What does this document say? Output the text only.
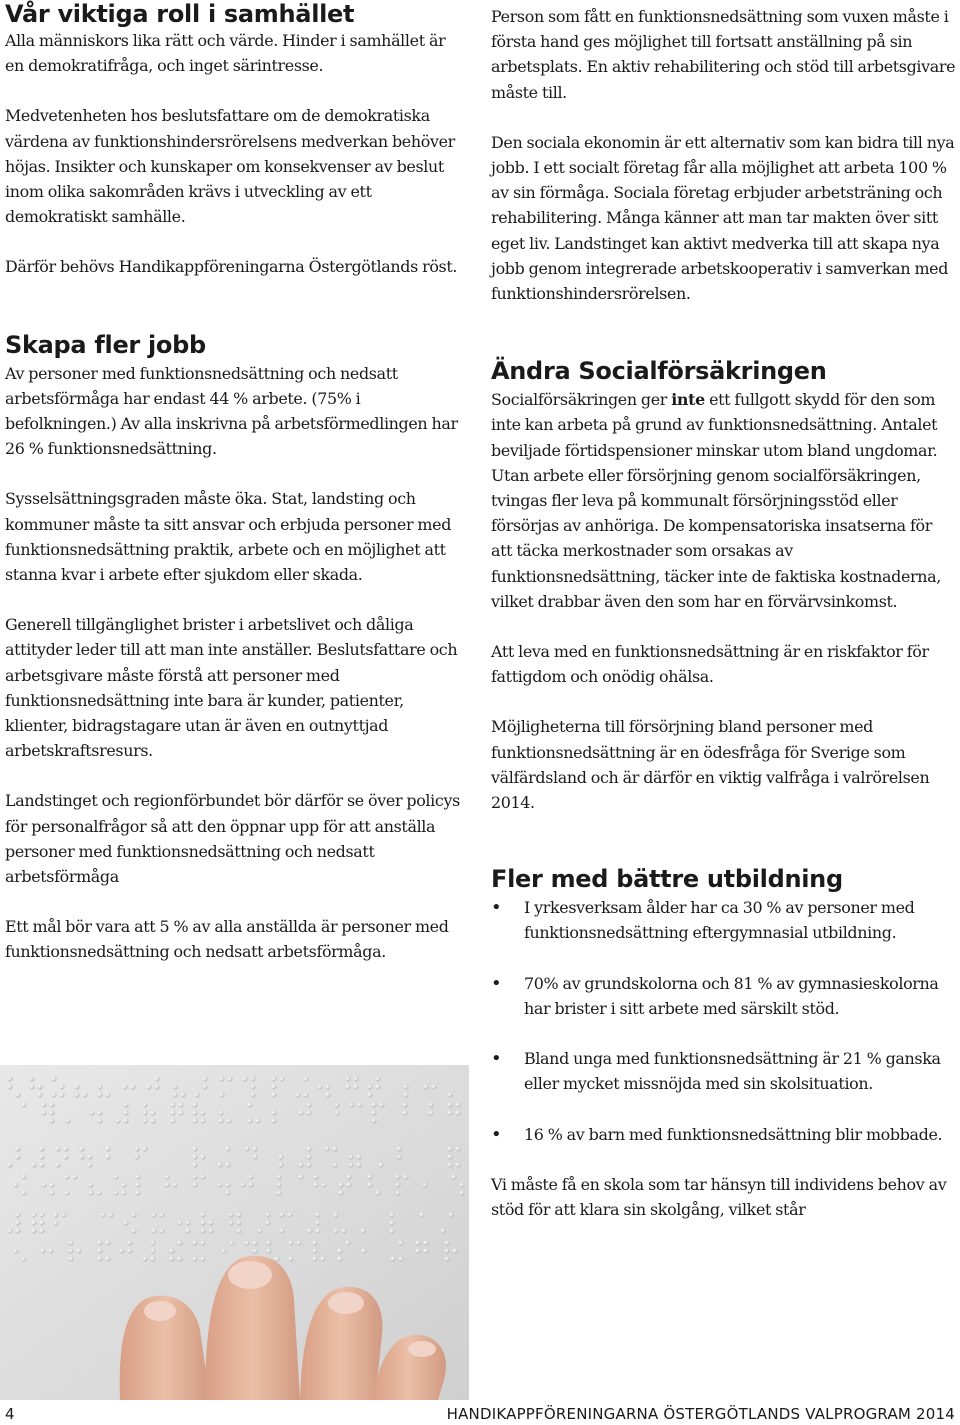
Vår viktiga roll i samhället

Alla människors lika rätt och värde. Hinder i samhället är en demokratifråga, och inget särintresse.

Medvetenheten hos beslutsfattare om de demokratiska värdena av funktionshindersrörelsens medverkan behöver höjas. Insikter och kunskaper om konsekvenser av beslut inom olika sakområden krävs i utveckling av ett demokratiskt samhälle.

Därför behövs Handikappföreningarna Östergötlands röst.

Skapa fler jobb

Av personer med funktionsnedsättning och nedsatt arbetsförmåga har endast 44 % arbete. (75% i befolkningen.) Av alla inskrivna på arbetsförmedlingen har 26 % funktionsnedsättning.

Sysselsättningsgraden måste öka. Stat, landsting och kommuner måste ta sitt ansvar och erbjuda personer med funktionsnedsättning praktik, arbete och en möjlighet att stanna kvar i arbete efter sjukdom eller skada.

Generell tillgänglighet brister i arbetslivet och dåliga attityder leder till att man inte anställer. Beslutsfattare och arbetsgivare måste förstå att personer med funktionsnedsättning inte bara är kunder, patienter, klienter, bidragstagare utan är även en outnyttjad arbetskraftsresurs.

Landstinget och regionförbundet bör därför se över policys för personalfrågor så att den öppnar upp för att anställa personer med funktionsnedsättning och nedsatt arbetsförmåga

Ett mål bör vara att 5 % av alla anställda är personer med funktionsnedsättning och nedsatt arbetsförmåga.

Person som fått en funktionsnedsättning som vuxen måste i första hand ges möjlighet till fortsatt anställning på sin arbetsplats. En aktiv rehabilitering och stöd till arbetsgivare måste till.

Den sociala ekonomin är ett alternativ som kan bidra till nya jobb. I ett socialt företag får alla möjlighet att arbeta 100 % av sin förmåga. Sociala företag erbjuder arbetsträning och rehabilitering. Många känner att man tar makten över sitt eget liv. Landstinget kan aktivt medverka till att skapa nya jobb genom integrerade arbetskooperativ i samverkan med funktionshindersrörelsen.

Ändra Socialförsäkringen

Socialförsäkringen ger inte ett fullgott skydd för den som inte kan arbeta på grund av funktionsnedsättning. Antalet beviljade förtidspensioner minskar utom bland ungdomar. Utan arbete eller försörjning genom socialförsäkringen, tvingas fler leva på kommunalt försörjningsstöd eller försörjas av anhöriga. De kompensatoriska insatserna för att täcka merkostnader som orsakas av funktionsnedsättning, täcker inte de faktiska kostnaderna, vilket drabbar även den som har en förvärvsinkomst.

Att leva med en funktionsnedsättning är en riskfaktor för fattigdom och onödig ohälsa.

Möjligheterna till försörjning bland personer med funktionsnedsättning är en ödesfråga för Sverige som välfärdsland och är därför en viktig valfråga i valrörelsen 2014.

Fler med bättre utbildning

• I yrkesverksam ålder har ca 30 % av personer med funktionsnedsättning eftergymnasial utbildning.

• 70% av grundskolorna och 81 % av gymnasieskolorna har brister i sitt arbete med särskilt stöd.

• Bland unga med funktionsnedsättning är 21 % ganska eller mycket missnöjda med sin skolsituation.

• 16 % av barn med funktionsnedsättning blir mobbade.

Vi måste få en skola som tar hänsyn till individens behov av stöd för att klara sin skolgång, vilket står

4	HANDIKAPPFÖRENINGARNA ÖSTERGÖTLANDS VALPROGRAM 2014
